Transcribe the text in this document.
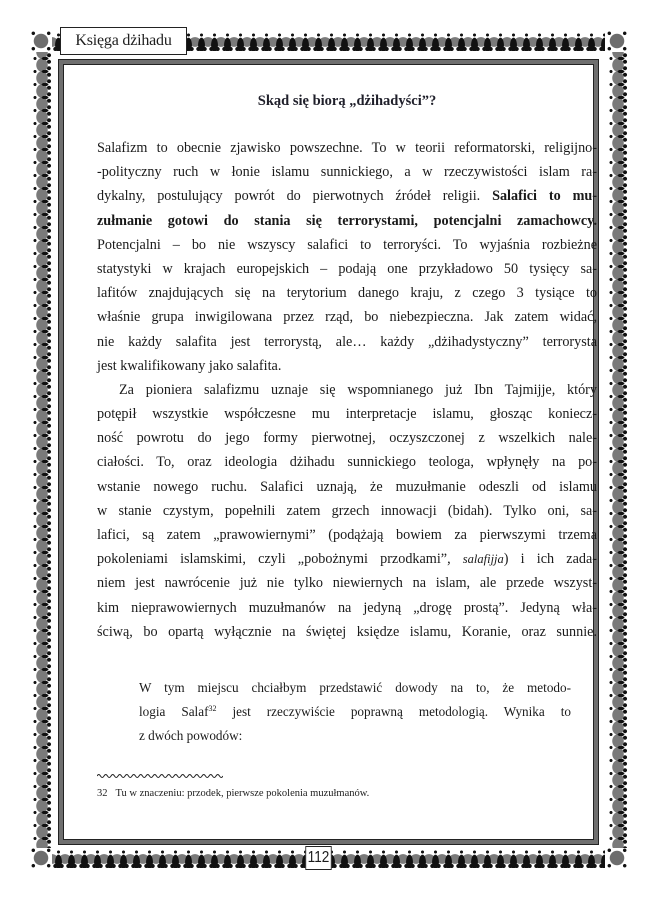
Księga dżihadu
Skąd się biorą „dżihadyści”?
Salafizm to obecnie zjawisko powszechne. To w teorii reformatorski, religijno-
-polityczny ruch w łonie islamu sunnickiego, a w rzeczywistości islam ra-
dykalny, postulujący powrót do pierwotnych źródeł religii. Salafici to mu-
zułmanie gotowi do stania się terrorystami, potencjalni zamachowcy.
Potencjalni – bo nie wszyscy salafici to terroryści. To wyjaśnia rozbieżne
statystyki w krajach europejskich – podają one przykładowo 50 tysięcy sa-
lafitów znajdujących się na terytorium danego kraju, z czego 3 tysiące to
właśnie grupa inwigilowana przez rząd, bo niebezpieczna. Jak zatem widać,
nie każdy salafita jest terrorystą, ale… każdy „dżihadystyczny” terrorysta
jest kwalifikowany jako salafita.
Za pioniera salafizmu uznaje się wspomnianego już Ibn Tajmijje, który
potępił wszystkie współczesne mu interpretacje islamu, głosząc koniecz-
ność powrotu do jego formy pierwotnej, oczyszczonej z wszelkich nale-
ciałości. To, oraz ideologia dżihadu sunnickiego teologa, wpłynęły na po-
wstanie nowego ruchu. Salafici uznają, że muzułmanie odeszli od islamu
w stanie czystym, popełnili zatem grzech innowacji (bidah). Tylko oni, sa-
lafici, są zatem „prawowiernymi” (podążają bowiem za pierwszymi trzema
pokoleniami islamskimi, czyli „pobożnymi przodkami”, salafijja) i ich zada-
niem jest nawrócenie już nie tylko niewiernych na islam, ale przede wszyst-
kim nieprawowiernych muzułmanów na jedyną „drogę prostą”. Jedyną wła-
ściwą, bo opartą wyłącznie na świętej księdze islamu, Koranie, oraz sunnie.
W tym miejscu chciałbym przedstawić dowody na to, że metodo-
logia Salaf$^{32}$ jest rzeczywiście poprawną metodologią. Wynika to
z dwóch powodów:
32 Tu w znaczeniu: przodek, pierwsze pokolenia muzułmanów.
112
